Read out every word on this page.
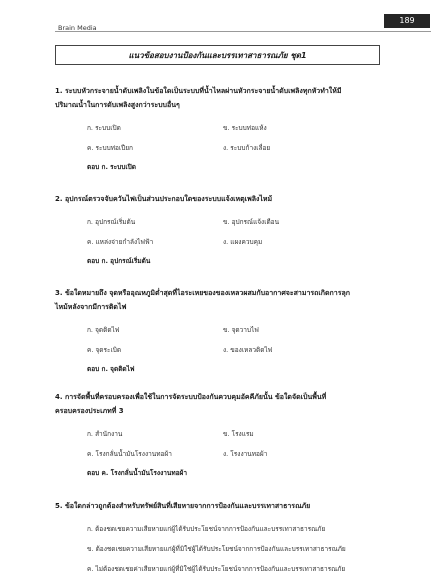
Brain Media
189
แนวข้อสอบงานป้องกันและบรรเทาสาธารณภัย ชุด1
1. ระบบหัวกระจายน้ำดับเพลิงในข้อใดเป็นระบบที่น้ำไหลผ่านหัวกระจายน้ำดับเพลิงทุกหัวทำให้มี
ปริมาณน้ำในการดับเพลิงสูงกว่าระบบอื่นๆ
ก. ระบบเปิด	ข. ระบบท่อแห้ง
ค. ระบบท่อเปียก	ง. ระบบก้างเลื่อย
ตอบ ก. ระบบเปิด
2. อุปกรณ์ตรวจจับควันไฟเป็นส่วนประกอบใดของระบบแจ้งเหตุเพลิงไหม้
ก. อุปกรณ์เริ่มต้น	ข. อุปกรณ์แจ้งเตือน
ค. แหล่งจ่ายกำลังไฟฟ้า	ง. แผงควบคุม
ตอบ ก. อุปกรณ์เริ่มต้น
3. ข้อใดหมายถึง จุดหรืออุณหภูมิต่ำสุดที่ไอระเหยของของเหลวผสมกับอากาศจะสามารถเกิดการลุก
ไหม้หลังจากมีการติดไฟ
ก. จุดติดไฟ	ข. จุดวาบไฟ
ค. จุดระเบิด	ง. ของเหลวติดไฟ
ตอบ ก. จุดติดไฟ
4. การจัดพื้นที่ครอบครองเพื่อใช้ในการจัดระบบป้องกันควบคุมอัคคีภัยนั้น ข้อใดจัดเป็นพื้นที่
ครอบครองประเภทที่ 3
ก. สำนักงาน	ข. โรงแรม
ค. โรงกลั่นน้ำมันโรงงานทอผ้า	ง. โรงงานทอผ้า
ตอบ ค. โรงกลั่นน้ำมันโรงงานทอผ้า
5. ข้อใดกล่าวถูกต้องสำหรับทรัพย์สินที่เสียหายจากการป้องกันและบรรเทาสาธารณภัย
ก. ต้องชดเชยความเสียหายแก่ผู้ได้รับประโยชน์จากการป้องกันและบรรเทาสาธารณภัย
ข. ต้องชดเชยความเสียหายแก่ผู้ที่มิใช่ผู้ได้รับประโยชน์จากการป้องกันและบรรเทาสาธารณภัย
ค. ไม่ต้องชดเชยค่าเสียหายแก่ผู้ที่มิใช่ผู้ได้รับประโยชน์จากการป้องกันและบรรเทาสาธารณภัย
